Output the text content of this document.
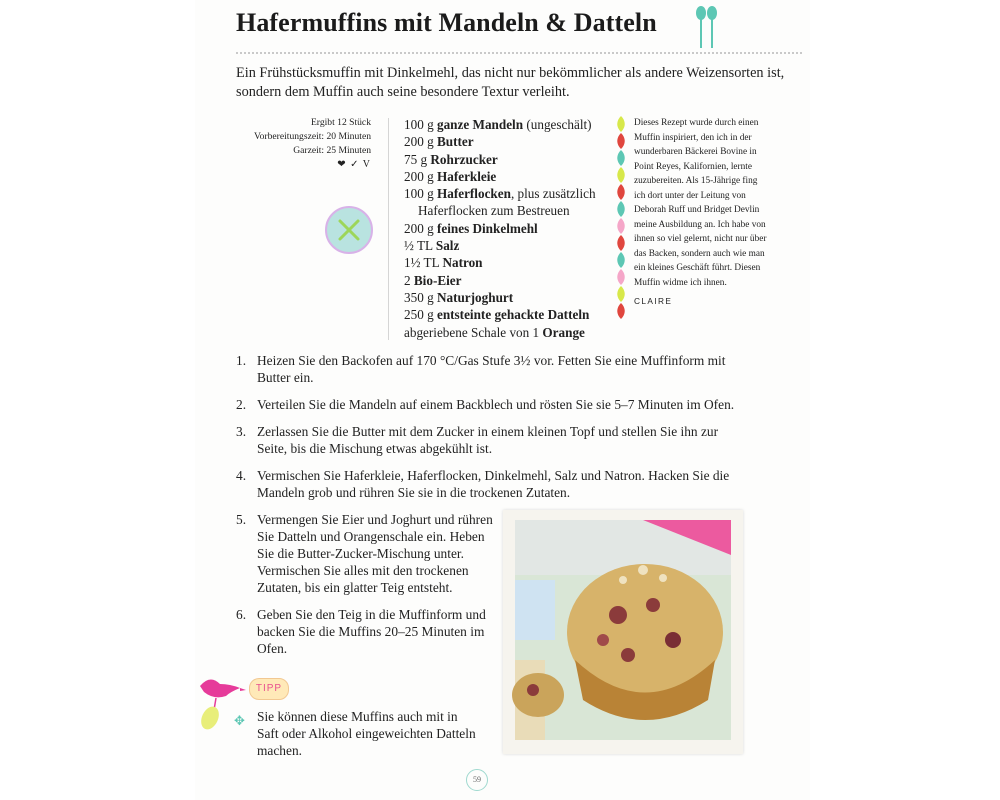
Hafermuffins mit Mandeln & Datteln

Ein Frühstücksmuffin mit Dinkelmehl, das nicht nur bekömmlicher als andere Weizensorten ist, sondern dem Muffin auch seine besondere Textur verleiht.

Ergibt 12 Stück
Vorbereitungszeit: 20 Minuten
Garzeit: 25 Minuten
❤ ✓ V
100 g ganze Mandeln (ungeschält)
200 g Butter
75 g Rohrzucker
200 g Haferkleie
100 g Haferflocken, plus zusätzlich Haferflocken zum Bestreuen
200 g feines Dinkelmehl
½ TL Salz
1½ TL Natron
2 Bio-Eier
350 g Naturjoghurt
250 g entsteinte gehackte Datteln
abgeriebene Schale von 1 Orange
Dieses Rezept wurde durch einen Muffin inspiriert, den ich in der wunderbaren Bäckerei Bovine in Point Reyes, Kalifornien, lernte zuzubereiten. Als 15-Jährige fing ich dort unter der Leitung von Deborah Ruff und Bridget Devlin meine Ausbildung an. Ich habe von ihnen so viel gelernt, nicht nur über das Backen, sondern auch wie man ein kleines Geschäft führt. Diesen Muffin widme ich ihnen.
CLAIRE
1. Heizen Sie den Backofen auf 170 °C/Gas Stufe 3½ vor. Fetten Sie eine Muffinform mit Butter ein.
2. Verteilen Sie die Mandeln auf einem Backblech und rösten Sie sie 5–7 Minuten im Ofen.
3. Zerlassen Sie die Butter mit dem Zucker in einem kleinen Topf und stellen Sie ihn zur Seite, bis die Mischung etwas abgekühlt ist.
4. Vermischen Sie Haferkleie, Haferflocken, Dinkelmehl, Salz und Natron. Hacken Sie die Mandeln grob und rühren Sie sie in die trockenen Zutaten.
5. Vermengen Sie Eier und Joghurt und rühren Sie Datteln und Orangenschale ein. Heben Sie die Butter-Zucker-Mischung unter. Vermischen Sie alles mit den trockenen Zutaten, bis ein glatter Teig entsteht.
6. Geben Sie den Teig in die Muffinform und backen Sie die Muffins 20–25 Minuten im Ofen.
TIPP
✥ Sie können diese Muffins auch mit in Saft oder Alkohol eingeweichten Datteln machen.
59
